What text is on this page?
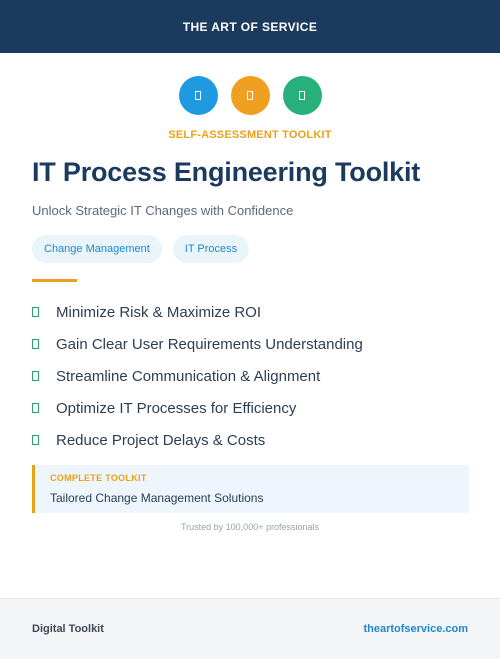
THE ART OF SERVICE
SELF-ASSESSMENT TOOLKIT
IT Process Engineering Toolkit
Unlock Strategic IT Changes with Confidence
Change Management	IT Process
Minimize Risk & Maximize ROI
Gain Clear User Requirements Understanding
Streamline Communication & Alignment
Optimize IT Processes for Efficiency
Reduce Project Delays & Costs
COMPLETE TOOLKIT
Tailored Change Management Solutions
Trusted by 100,000+ professionals
Digital Toolkit	theartofservice.com
